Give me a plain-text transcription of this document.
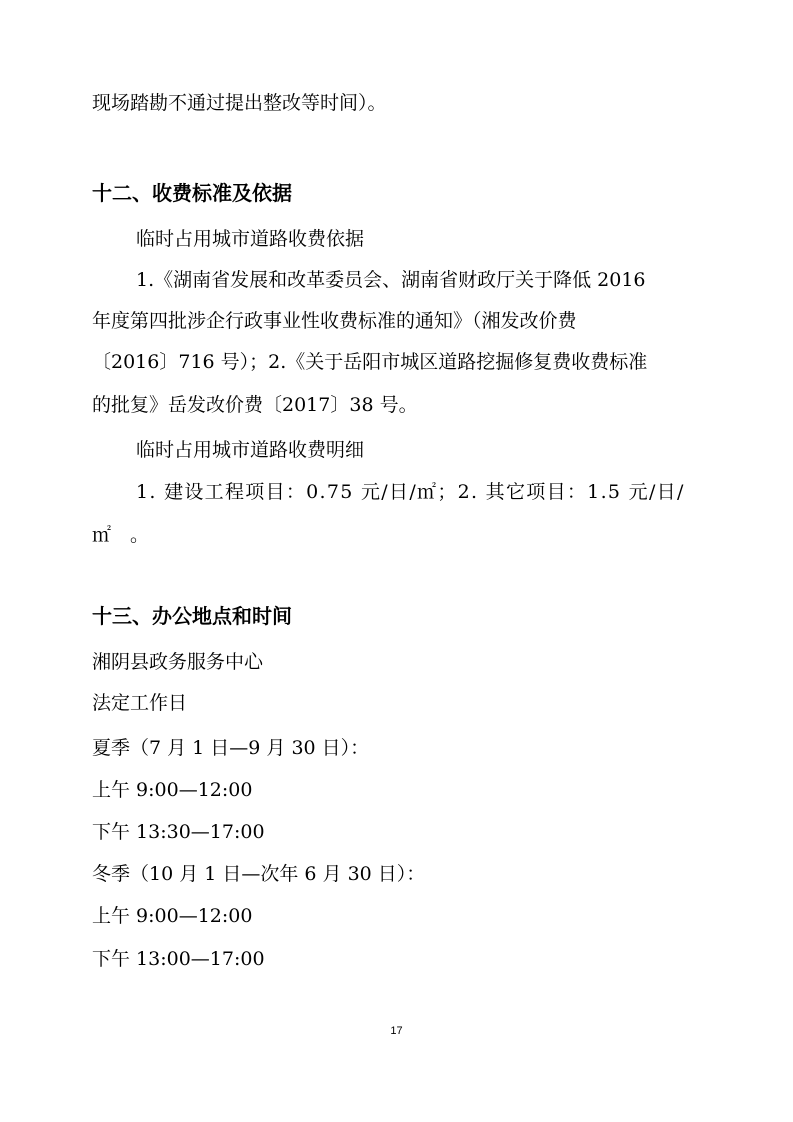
现场踏勘不通过提出整改等时间）。
十二、收费标准及依据
临时占用城市道路收费依据
1.《湖南省发展和改革委员会、湖南省财政厅关于降低 2016
年度第四批涉企行政事业性收费标准的通知》（湘发改价费
〔2016〕716 号）；2.《关于岳阳市城区道路挖掘修复费收费标准
的批复》岳发改价费〔2017〕38 号。
临时占用城市道路收费明细
1. 建设工程项目：0.75 元/日/㎡；2. 其它项目：1.5 元/日/
㎡　。
十三、办公地点和时间
湘阴县政务服务中心
法定工作日
夏季（7 月 1 日—9 月 30 日）：
上午 9:00—12:00
下午 13:30—17:00
冬季（10 月 1 日—次年 6 月 30 日）：
上午 9:00—12:00
下午 13:00—17:00
17
